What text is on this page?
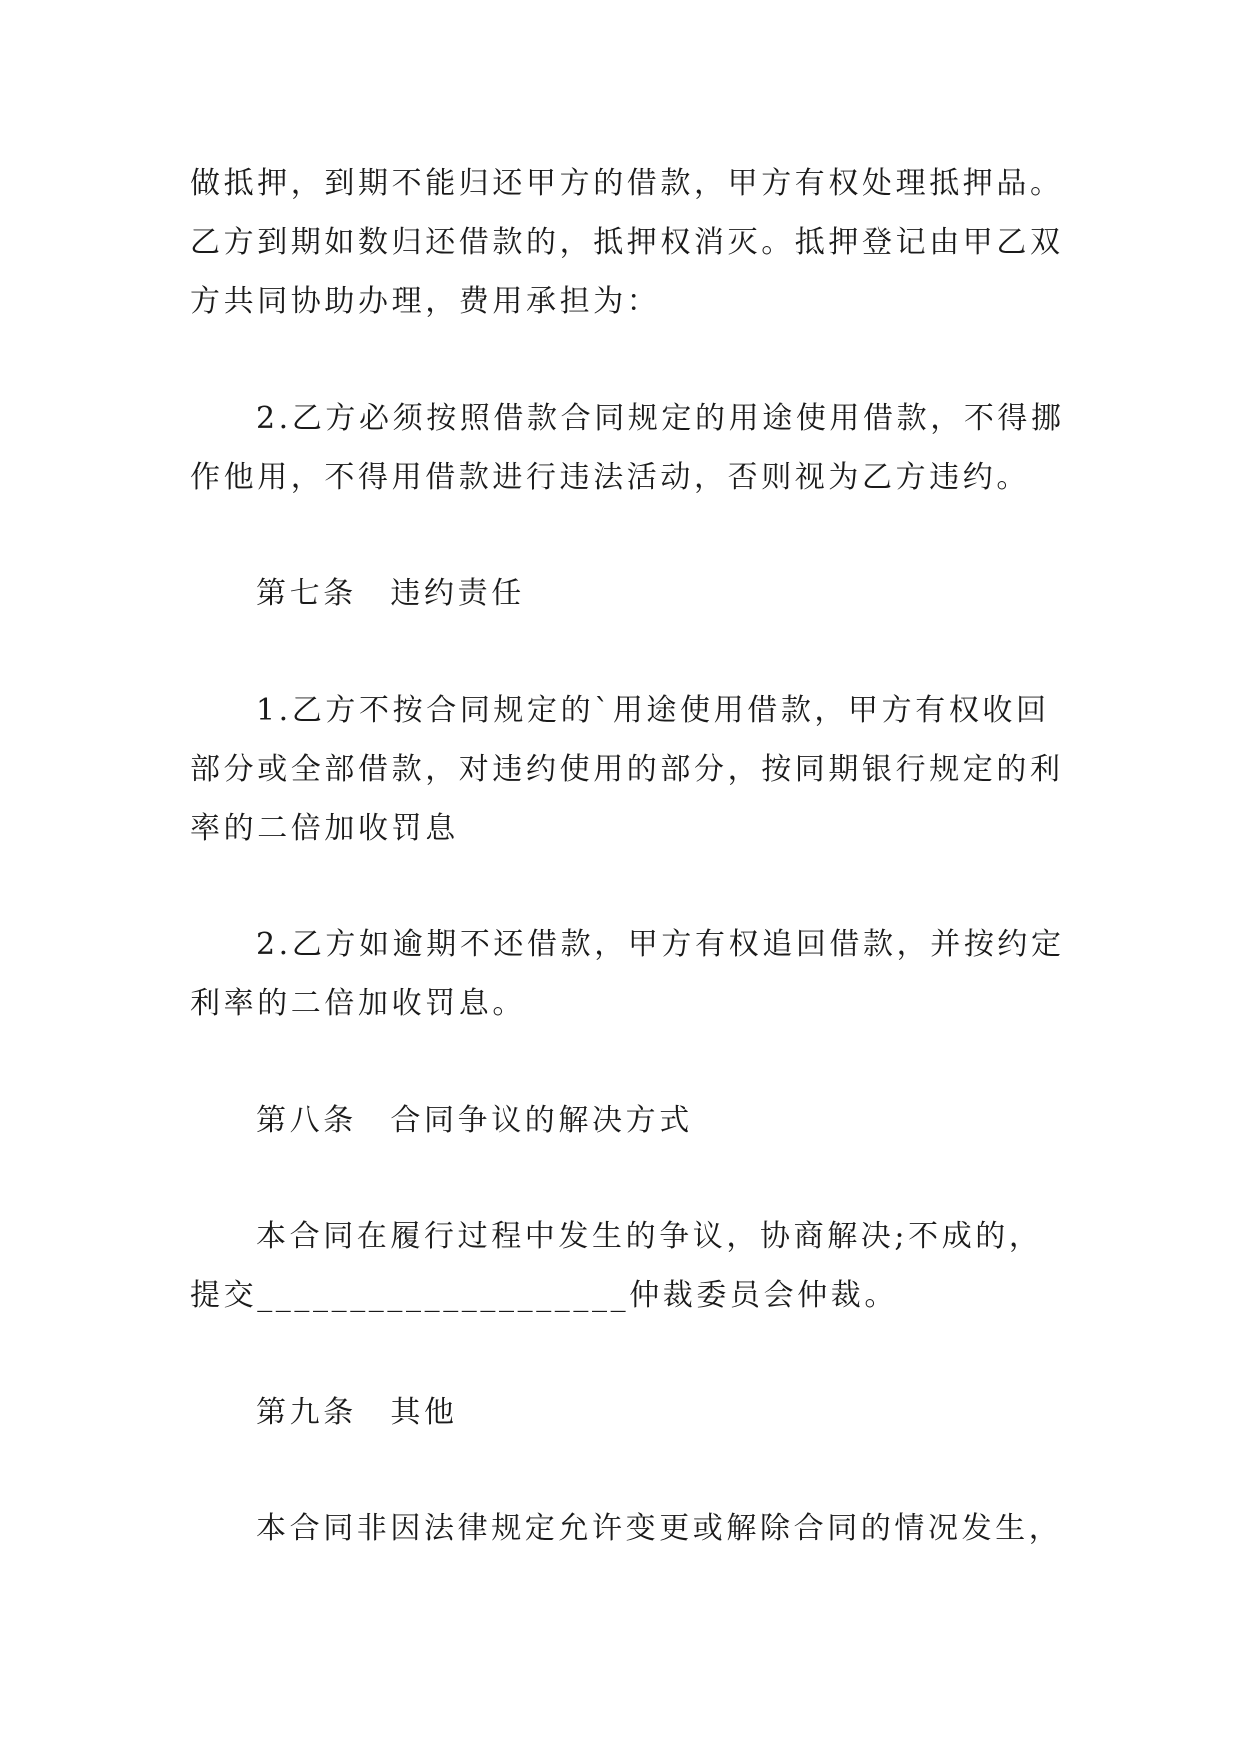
做抵押，到期不能归还甲方的借款，甲方有权处理抵押品。
乙方到期如数归还借款的，抵押权消灭。抵押登记由甲乙双
方共同协助办理，费用承担为：
2.乙方必须按照借款合同规定的用途使用借款，不得挪
作他用，不得用借款进行违法活动，否则视为乙方违约。
第七条　违约责任
1.乙方不按合同规定的`用途使用借款，甲方有权收回
部分或全部借款，对违约使用的部分，按同期银行规定的利
率的二倍加收罚息
2.乙方如逾期不还借款，甲方有权追回借款，并按约定
利率的二倍加收罚息。
第八条　合同争议的解决方式
本合同在履行过程中发生的争议，协商解决;不成的，
提交____________________仲裁委员会仲裁。
第九条　其他
本合同非因法律规定允许变更或解除合同的情况发生，
